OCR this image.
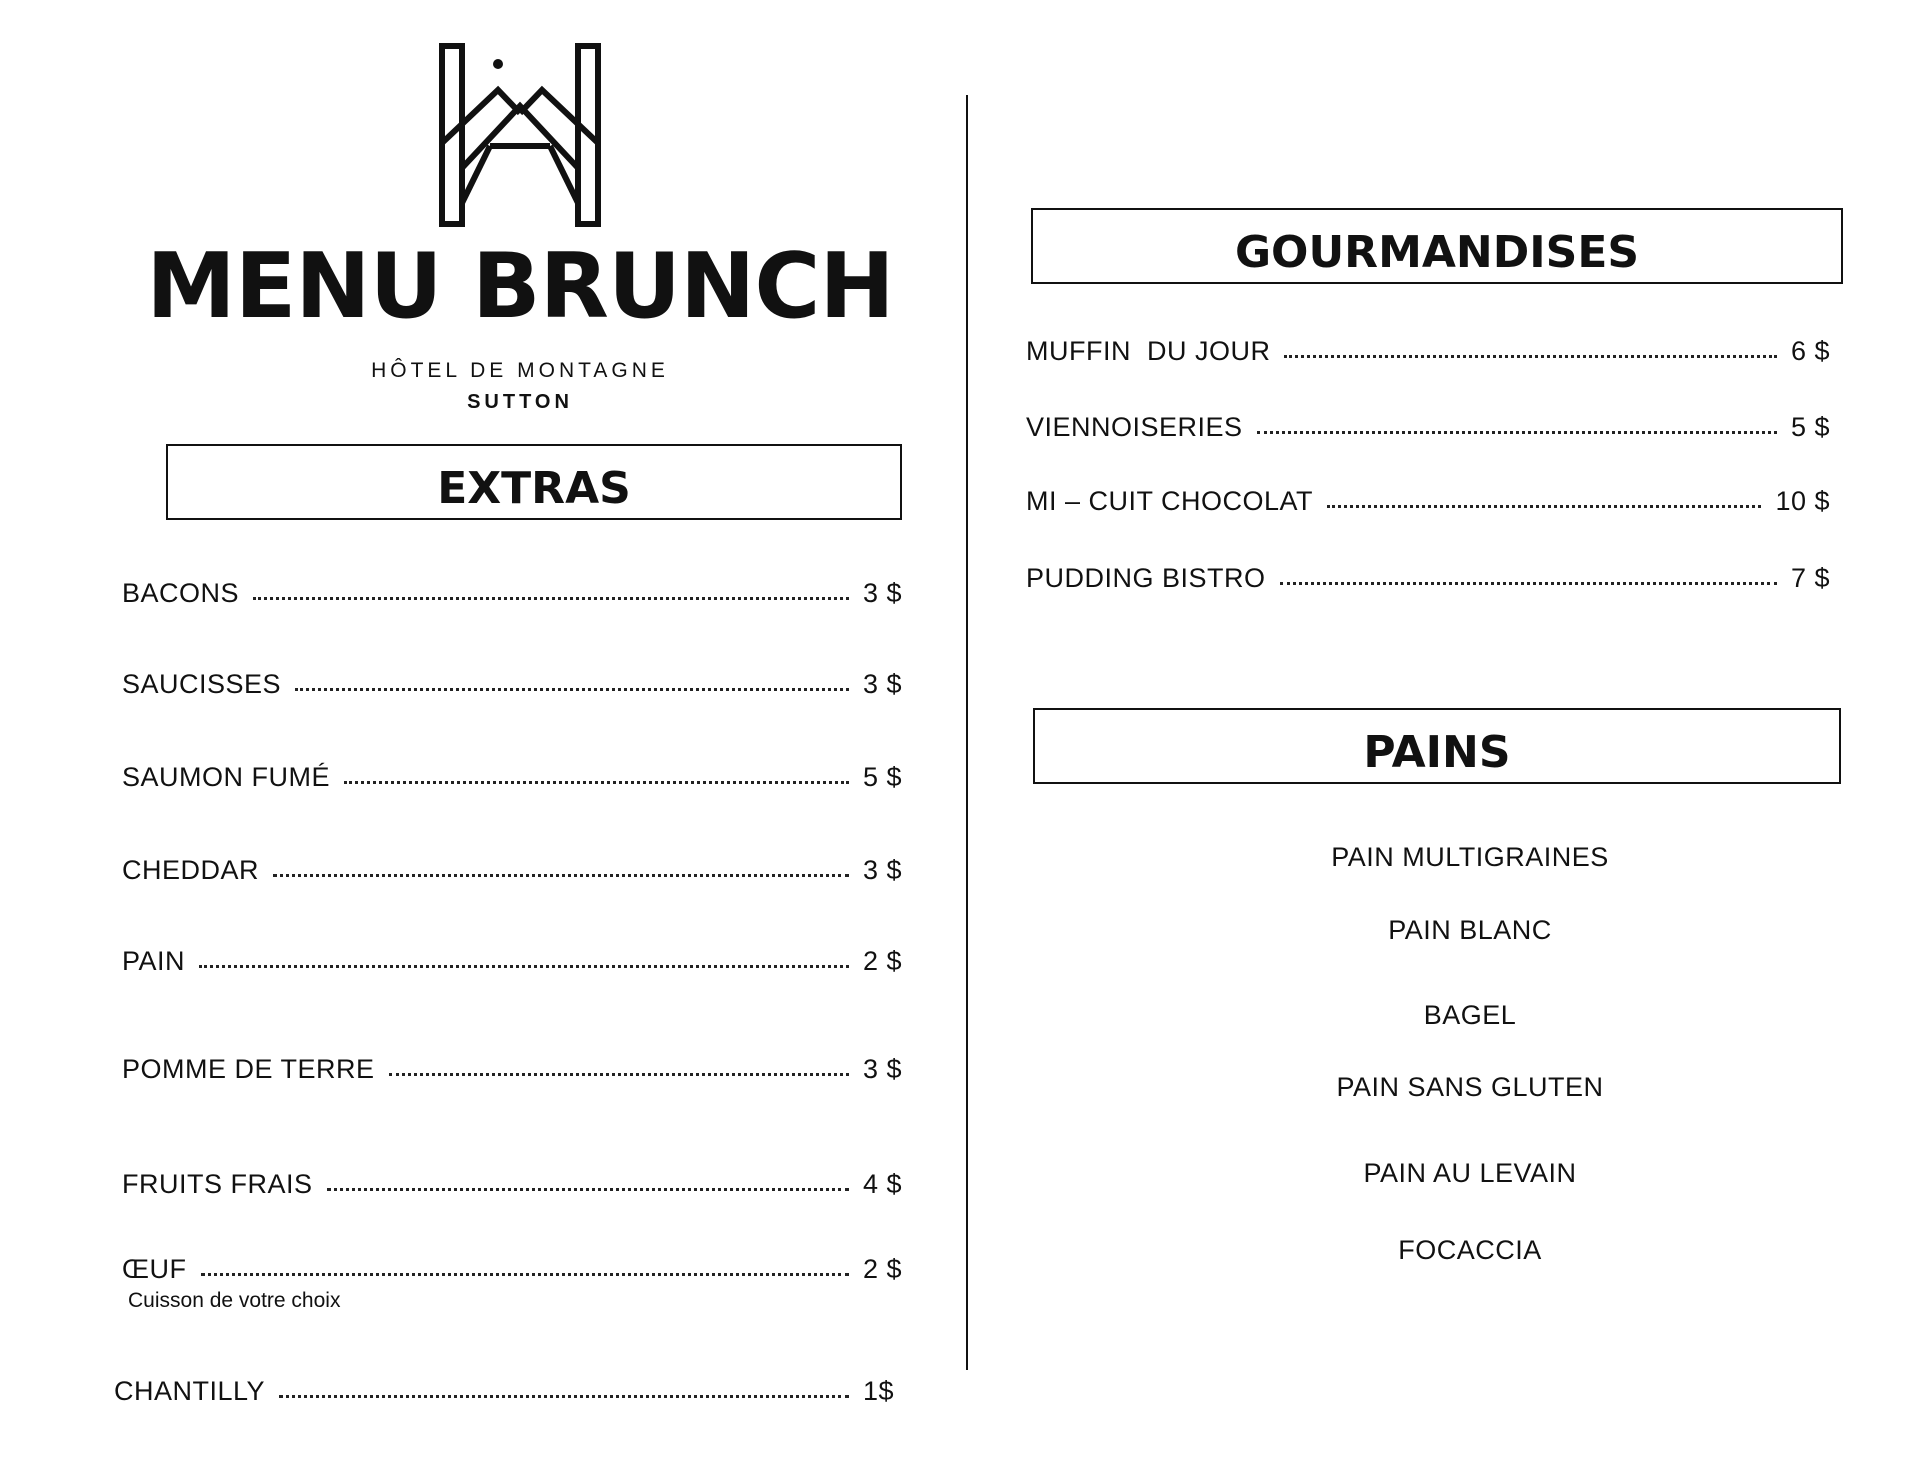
MENU BRUNCH
HÔTEL DE MONTAGNE
SUTTON
EXTRAS
BACONS	3 $
SAUCISSES	3 $
SAUMON FUMÉ	5 $
CHEDDAR	3 $
PAIN	2 $
POMME DE TERRE	3 $
FRUITS FRAIS	4 $
ŒUF	2 $
Cuisson de votre choix
CHANTILLY	1$
GOURMANDISES
MUFFIN  DU JOUR	6 $
VIENNOISERIES	5 $
MI – CUIT CHOCOLAT	10 $
PUDDING BISTRO	7 $
PAINS
PAIN MULTIGRAINES
PAIN BLANC
BAGEL
PAIN SANS GLUTEN
PAIN AU LEVAIN
FOCACCIA
